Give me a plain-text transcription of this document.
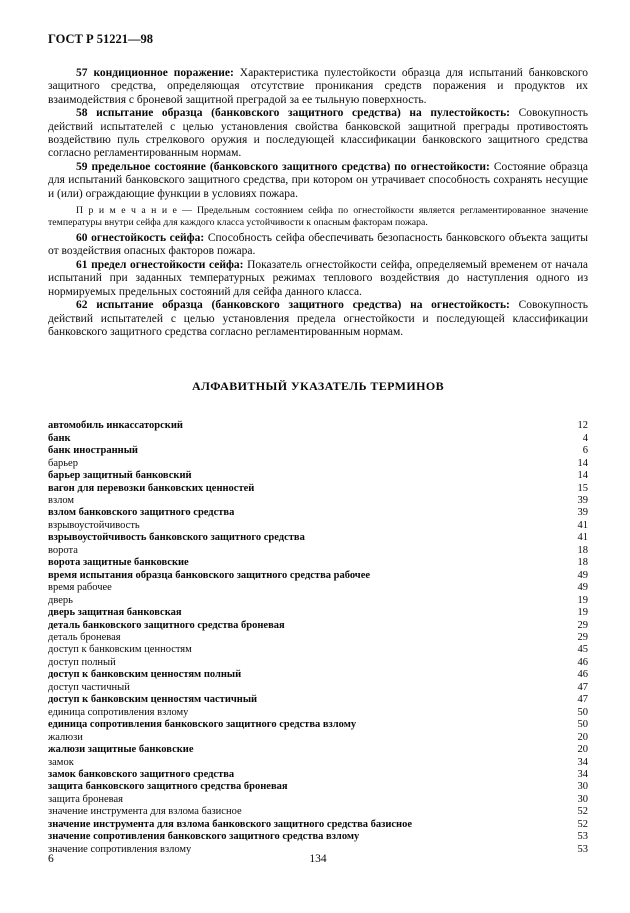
ГОСТ Р 51221—98

57 кондиционное поражение: Характеристика пулестойкости образца для испытаний банковского защитного средства, определяющая отсутствие проникания средств поражения и продуктов их взаимодействия с броневой защитной преградой за ее тыльную поверхность.

58 испытание образца (банковского защитного средства) на пулестойкость: Совокупность действий испытателей с целью установления свойства банковской защитной преграды противостоять воздействию пуль стрелкового оружия и последующей классификации банковского защитного средства согласно регламентированным нормам.

59 предельное состояние (банковского защитного средства) по огнестойкости: Состояние образца для испытаний банковского защитного средства, при котором он утрачивает способность сохранять несущие и (или) ограждающие функции в условиях пожара.

П р и м е ч а н и е — Предельным состоянием сейфа по огнестойкости является регламентированное значение температуры внутри сейфа для каждого класса устойчивости к опасным факторам пожара.

60 огнестойкость сейфа: Способность сейфа обеспечивать безопасность банковского объекта защиты от воздействия опасных факторов пожара.

61 предел огнестойкости сейфа: Показатель огнестойкости сейфа, определяемый временем от начала испытаний при заданных температурных режимах теплового воздействия до наступления одного из нормируемых предельных состояний для сейфа данного класса.

62 испытание образца (банковского защитного средства) на огнестойкость: Совокупность действий испытателей с целью установления предела огнестойкости и последующей классификации банковского защитного средства согласно регламентированным нормам.

АЛФАВИТНЫЙ УКАЗАТЕЛЬ ТЕРМИНОВ
автомобиль инкассаторский	12
банк	4
банк иностранный	6
барьер	14
барьер защитный банковский	14
вагон для перевозки банковских ценностей	15
взлом	39
взлом банковского защитного средства	39
взрывоустойчивость	41
взрывоустойчивость банковского защитного средства	41
ворота	18
ворота защитные банковские	18
время испытания образца банковского защитного средства рабочее	49
время рабочее	49
дверь	19
дверь защитная банковская	19
деталь банковского защитного средства броневая	29
деталь броневая	29
доступ к банковским ценностям	45
доступ полный	46
доступ к банковским ценностям полный	46
доступ частичный	47
доступ к банковским ценностям частичный	47
единица сопротивления взлому	50
единица сопротивления банковского защитного средства взлому	50
жалюзи	20
жалюзи защитные банковские	20
замок	34
замок банковского защитного средства	34
защита банковского защитного средства броневая	30
защита броневая	30
значение инструмента для взлома базисное	52
значение инструмента для взлома банковского защитного средства базисное	52
значение сопротивления банковского защитного средства взлому	53
значение сопротивления взлому	53
6	134
